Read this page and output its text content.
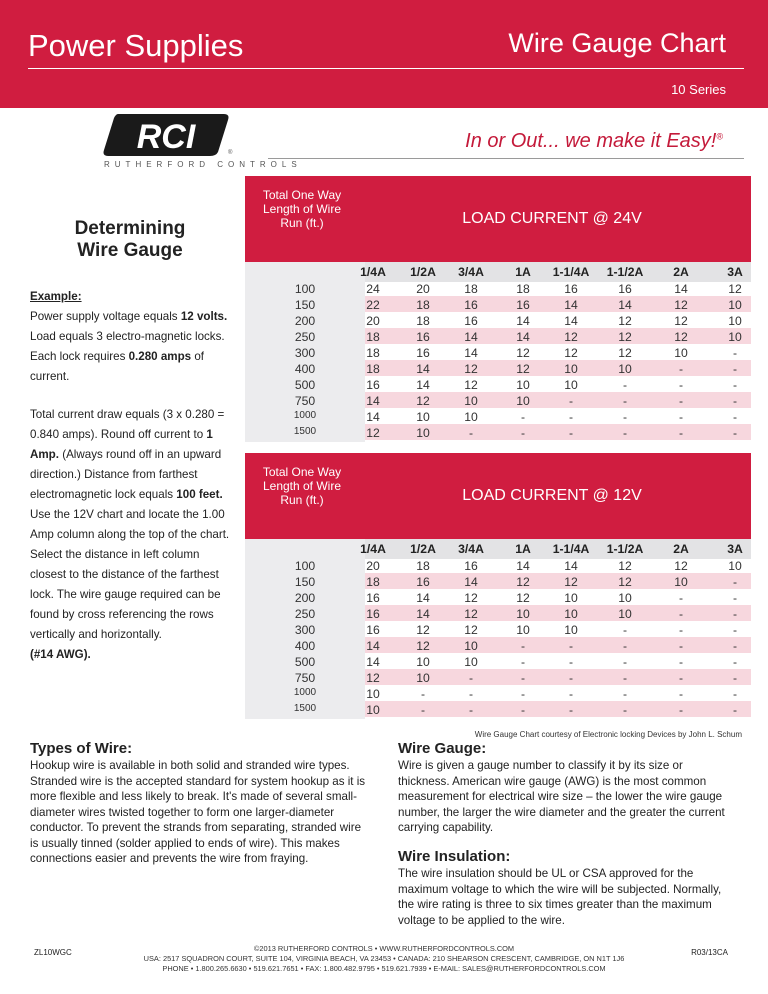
Power Supplies	Wire Gauge Chart
10 Series
RCI	®
RUTHERFORD CONTROLS
In or Out... we make it Easy!®
Determining
Wire Gauge
Example:
Power supply voltage equals 12 volts. Load equals 3 electro-magnetic locks. Each lock requires 0.280 amps of current.
Total current draw equals (3 x 0.280 = 0.840 amps). Round off current to 1 Amp. (Always round off in an upward direction.) Distance from farthest electromagnetic lock equals 100 feet. Use the 12V chart and locate the 1.00 Amp column along the top of the chart. Select the distance in left column closest to the distance of the farthest lock. The wire gauge required can be found by cross referencing the rows vertically and horizontally.
(#14 AWG).
Total One Way Length of Wire Run (ft.)	LOAD CURRENT @ 24V
1/4A	1/2A	3/4A	1A	1-1/4A	1-1/2A	2A	3A
100	24	20	18	18	16	16	14	12
150	22	18	16	16	14	14	12	10
200	20	18	16	14	14	12	12	10
250	18	16	14	14	12	12	12	10
300	18	16	14	12	12	12	10	-
400	18	14	12	12	10	10	-	-
500	16	14	12	10	10	-	-	-
750	14	12	10	10	-	-	-	-
1000	14	10	10	-	-	-	-	-
1500	12	10	-	-	-	-	-	-
Total One Way Length of Wire Run (ft.)	LOAD CURRENT @ 12V
1/4A	1/2A	3/4A	1A	1-1/4A	1-1/2A	2A	3A
100	20	18	16	14	14	12	12	10
150	18	16	14	12	12	12	10	-
200	16	14	12	12	10	10	-	-
250	16	14	12	10	10	10	-	-
300	16	12	12	10	10	-	-	-
400	14	12	10	-	-	-	-	-
500	14	10	10	-	-	-	-	-
750	12	10	-	-	-	-	-	-
1000	10	-	-	-	-	-	-	-
1500	10	-	-	-	-	-	-	-
Wire Gauge Chart courtesy of Electronic locking Devices by John L. Schum
Types of Wire:
Hookup wire is available in both solid and stranded wire types. Stranded wire is the accepted standard for system hookup as it is more flexible and less likely to break. It's made of several small-diameter wires twisted together to form one larger-diameter conductor. To prevent the strands from separating, stranded wire is usually tinned (solder applied to ends of wire). This makes connections easier and prevents the wire from fraying.
Wire Gauge:
Wire is given a gauge number to classify it by its size or thickness. American wire gauge (AWG) is the most common measurement for electrical wire size – the lower the wire gauge number, the larger the wire diameter and the greater the current carrying capability.
Wire Insulation:
The wire insulation should be UL or CSA approved for the maximum voltage to which the wire will be subjected. Normally, the wire rating is three to six times greater than the maximum voltage to be applied to the wire.
ZL10WGC	©2013 RUTHERFORD CONTROLS • WWW.RUTHERFORDCONTROLS.COM
USA: 2517 SQUADRON COURT, SUITE 104, VIRGINIA BEACH, VA 23453 • CANADA: 210 SHEARSON CRESCENT, CAMBRIDGE, ON N1T 1J6
PHONE • 1.800.265.6630 • 519.621.7651 • FAX: 1.800.482.9795 • 519.621.7939 • E-MAIL: SALES@RUTHERFORDCONTROLS.COM
R03/13CA
